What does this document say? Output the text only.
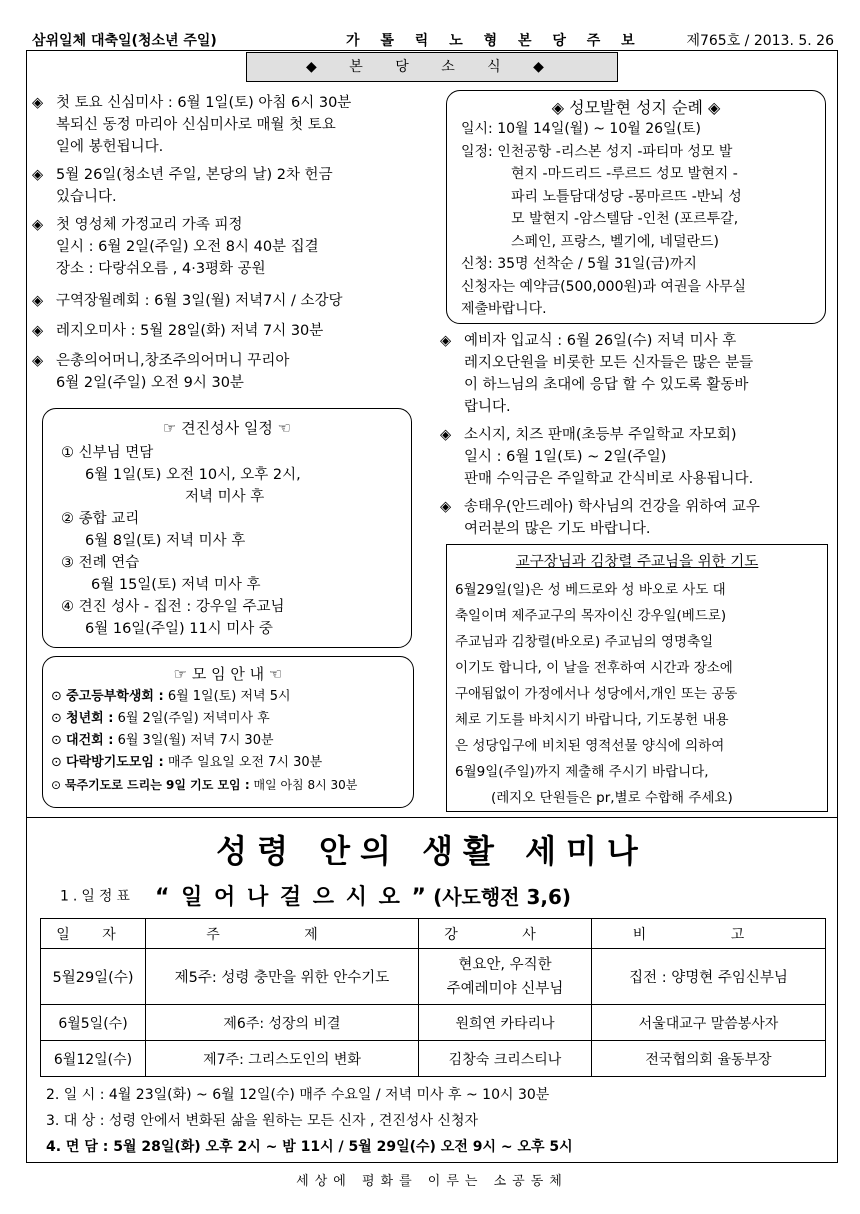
삼위일체 대축일(청소년 주일)	가 톨 릭 노 형 본 당 주 보	제765호 / 2013. 5. 26
◆ 본 당 소 식 ◆
◈ 첫 토요 신심미사 : 6월 1일(토) 아침 6시 30분
복되신 동정 마리아 신심미사로 매월 첫 토요
일에 봉헌됩니다.
◈ 5월 26일(청소년 주일, 본당의 날) 2차 헌금
있습니다.
◈ 첫 영성체 가정교리 가족 피정
일시 : 6월 2일(주일) 오전 8시 40분 집결
장소 : 다랑쉬오름 , 4·3평화 공원
◈ 구역장월례회 : 6월 3일(월) 저녁7시 / 소강당
◈ 레지오미사 : 5월 28일(화) 저녁 7시 30분
◈ 은총의어머니,창조주의어머니 꾸리아
6월 2일(주일) 오전 9시 30분
☞ 견진성사 일정 ☜
① 신부님 면담
6월 1일(토) 오전 10시, 오후 2시,
저녁 미사 후
② 종합 교리
6월 8일(토) 저녁 미사 후
③ 전례 연습
6월 15일(토) 저녁 미사 후
④ 견진 성사 - 집전 : 강우일 주교님
6월 16일(주일) 11시 미사 중
☞ 모 임 안 내 ☜
⊙ 중고등부학생회 : 6월 1일(토) 저녁 5시
⊙ 청년회 : 6월 2일(주일) 저녁미사 후
⊙ 대건회 : 6월 3일(월) 저녁 7시 30분
⊙ 다락방기도모임 : 매주 일요일 오전 7시 30분
⊙ 묵주기도로 드리는 9일 기도 모임 : 매일 아침 8시 30분
◈ 성모발현 성지 순례 ◈
일시: 10월 14일(월) ~ 10월 26일(토)
일정: 인천공항 -리스본 성지 -파티마 성모 발
현지 -마드리드 -루르드 성모 발현지 -
파리 노틀담대성당 -몽마르뜨 -반뇌 성
모 발현지 -암스텔담 -인천 (포르투갈,
스페인, 프랑스, 벨기에, 네덜란드)
신청: 35명 선착순 / 5월 31일(금)까지
신청자는 예약금(500,000원)과 여권을 사무실
제출바랍니다.
◈ 예비자 입교식 : 6월 26일(수) 저녁 미사 후
레지오단원을 비롯한 모든 신자들은 많은 분들
이 하느님의 초대에 응답 할 수 있도록 활동바
랍니다.
◈ 소시지, 치즈 판매(초등부 주일학교 자모회)
일시 : 6월 1일(토) ~ 2일(주일)
판매 수익금은 주일학교 간식비로 사용됩니다.
◈ 송태우(안드레아) 학사님의 건강을 위하여 교우
여러분의 많은 기도 바랍니다.
교구장님과 김창렬 주교님을 위한 기도
6월29일(일)은 성 베드로와 성 바오로 사도 대
축일이며 제주교구의 목자이신 강우일(베드로)
주교님과 김창렬(바오로) 주교님의 영명축일
이기도 합니다, 이 날을 전후하여 시간과 장소에
구애됨없이 가정에서나 성당에서,개인 또는 공동
체로 기도를 바치시기 바랍니다, 기도봉헌 내용
은 성당입구에 비치된 영적선물 양식에 의하여
6월9일(주일)까지 제출해 주시기 바랍니다,
(레지오 단원들은 pr,별로 수합해 주세요)
성령 안의 생활 세미나
1.일정표 “ 일 어 나 걸 으 시 오 ” (사도행전 3,6)
일 자	주 제	강 사	비 고
5월29일(수)	제5주: 성령 충만을 위한 안수기도	현요안, 우직한
주예레미야 신부님	집전 : 양명현 주임신부님
6월5일(수)	제6주: 성장의 비결	원희연 카타리나	서울대교구 말씀봉사자
6월12일(수)	제7주: 그리스도인의 변화	김창숙 크리스티나	전국협의회 율동부장
2. 일 시 : 4월 23일(화) ~ 6월 12일(수) 매주 수요일 / 저녁 미사 후 ~ 10시 30분
3. 대 상 : 성령 안에서 변화된 삶을 원하는 모든 신자 , 견진성사 신청자
4. 면 담 : 5월 28일(화) 오후 2시 ~ 밤 11시 / 5월 29일(수) 오전 9시 ~ 오후 5시
세상에 평화를 이루는 소공동체
